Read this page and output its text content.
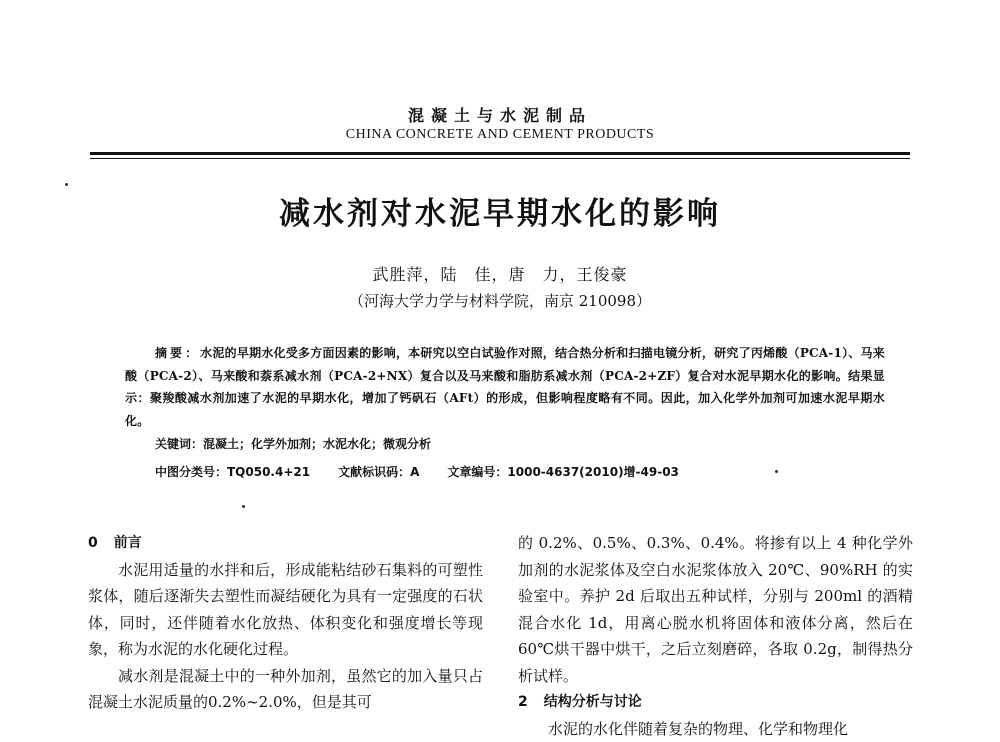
混凝土与水泥制品
CHINA CONCRETE AND CEMENT PRODUCTS
减水剂对水泥早期水化的影响
武胜萍，陆　佳，唐　力，王俊豪
（河海大学力学与材料学院，南京 210098）
摘要：水泥的早期水化受多方面因素的影响，本研究以空白试验作对照，结合热分析和扫描电镜分析，研究了丙烯酸（PCA-1）、马来酸（PCA-2）、马来酸和萘系减水剂（PCA-2+NX）复合以及马来酸和脂肪系减水剂（PCA-2+ZF）复合对水泥早期水化的影响。结果显示：聚羧酸减水剂加速了水泥的早期水化，增加了钙矾石（AFt）的形成，但影响程度略有不同。因此，加入化学外加剂可加速水泥早期水化。
关键词：混凝土；化学外加剂；水泥水化；微观分析
中图分类号：TQ050.4+21 文献标识码：A 文章编号：1000-4637(2010)增-49-03
0 前言

水泥用适量的水拌和后，形成能粘结砂石集料的可塑性浆体，随后逐渐失去塑性而凝结硬化为具有一定强度的石状体，同时，还伴随着水化放热、体积变化和强度增长等现象，称为水泥的水化硬化过程。

减水剂是混凝土中的一种外加剂，虽然它的加入量只占混凝土水泥质量的0.2%~2.0%，但是其可

的 0.2%、0.5%、0.3%、0.4%。将掺有以上 4 种化学外加剂的水泥浆体及空白水泥浆体放入 20℃、90%RH 的实验室中。养护 2d 后取出五种试样，分别与 200ml 的酒精混合水化 1d，用离心脱水机将固体和液体分离，然后在 60℃烘干器中烘干，之后立刻磨碎，各取 0.2g，制得热分析试样。

2 结构分析与讨论

水泥的水化伴随着复杂的物理、化学和物理化
